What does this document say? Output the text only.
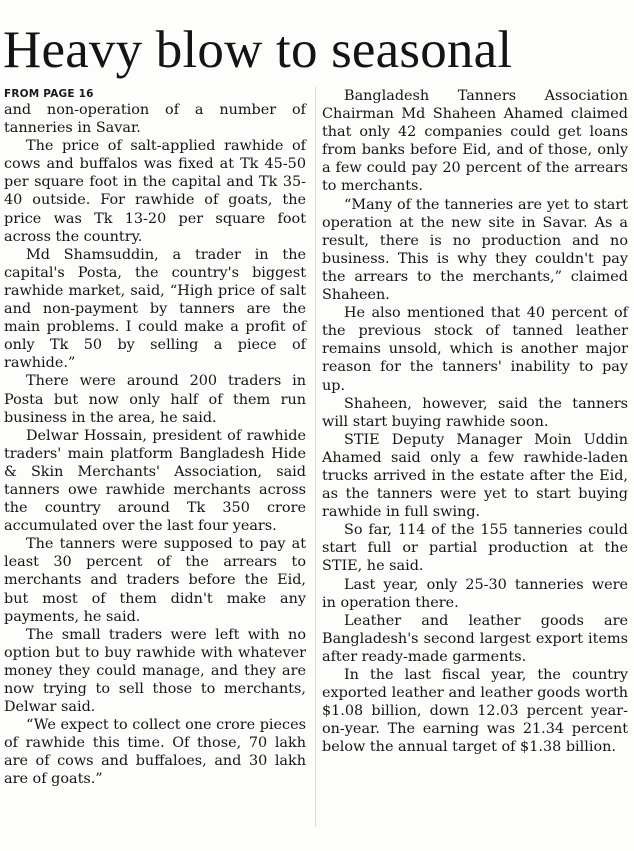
Heavy blow to seasonal
FROM PAGE 16

and non-operation of a number of tanneries in Savar.

The price of salt-applied rawhide of cows and buffalos was fixed at Tk 45-50 per square foot in the capital and Tk 35-40 outside. For rawhide of goats, the price was Tk 13-20 per square foot across the country.

Md Shamsuddin, a trader in the capital's Posta, the country's biggest rawhide market, said, “High price of salt and non-payment by tanners are the main problems. I could make a profit of only Tk 50 by selling a piece of rawhide.”

There were around 200 traders in Posta but now only half of them run business in the area, he said.

Delwar Hossain, president of rawhide traders' main platform Bangladesh Hide & Skin Merchants' Association, said tanners owe rawhide merchants across the country around Tk 350 crore accumulated over the last four years.

The tanners were supposed to pay at least 30 percent of the arrears to merchants and traders before the Eid, but most of them didn't make any payments, he said.

The small traders were left with no option but to buy rawhide with whatever money they could manage, and they are now trying to sell those to merchants, Delwar said.

“We expect to collect one crore pieces of rawhide this time. Of those, 70 lakh are of cows and buffaloes, and 30 lakh are of goats.”

Bangladesh Tanners Association Chairman Md Shaheen Ahamed claimed that only 42 companies could get loans from banks before Eid, and of those, only a few could pay 20 percent of the arrears to merchants.

“Many of the tanneries are yet to start operation at the new site in Savar. As a result, there is no production and no business. This is why they couldn't pay the arrears to the merchants,” claimed Shaheen.

He also mentioned that 40 percent of the previous stock of tanned leather remains unsold, which is another major reason for the tanners' inability to pay up.

Shaheen, however, said the tanners will start buying rawhide soon.

STIE Deputy Manager Moin Uddin Ahamed said only a few rawhide-laden trucks arrived in the estate after the Eid, as the tanners were yet to start buying rawhide in full swing.

So far, 114 of the 155 tanneries could start full or partial production at the STIE, he said.

Last year, only 25-30 tanneries were in operation there.

Leather and leather goods are Bangladesh's second largest export items after ready-made garments.

In the last fiscal year, the country exported leather and leather goods worth $1.08 billion, down 12.03 percent year-on-year. The earning was 21.34 percent below the annual target of $1.38 billion.
